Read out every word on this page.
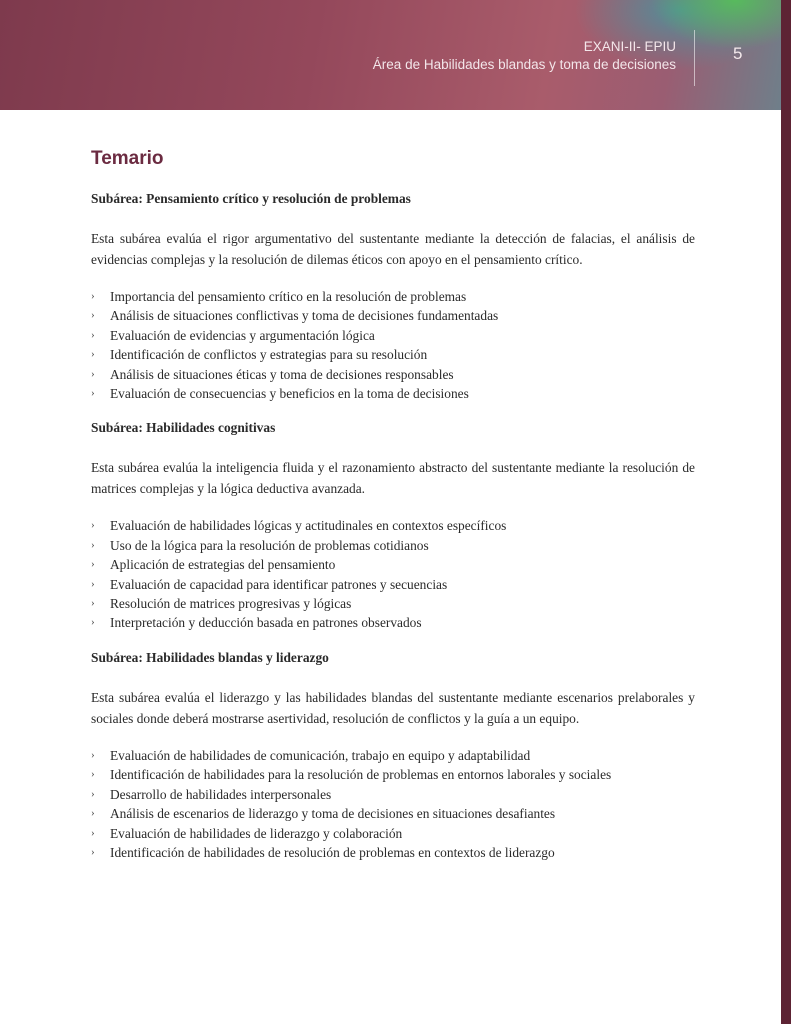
EXANI-II- EPIU
Área de Habilidades blandas y toma de decisiones
5
Temario
Subárea: Pensamiento crítico y resolución de problemas

Esta subárea evalúa el rigor argumentativo del sustentante mediante la detección de falacias, el análisis de evidencias complejas y la resolución de dilemas éticos con apoyo en el pensamiento crítico.

› Importancia del pensamiento crítico en la resolución de problemas
› Análisis de situaciones conflictivas y toma de decisiones fundamentadas
› Evaluación de evidencias y argumentación lógica
› Identificación de conflictos y estrategias para su resolución
› Análisis de situaciones éticas y toma de decisiones responsables
› Evaluación de consecuencias y beneficios en la toma de decisiones
Subárea: Habilidades cognitivas

Esta subárea evalúa la inteligencia fluida y el razonamiento abstracto del sustentante mediante la resolución de matrices complejas y la lógica deductiva avanzada.

› Evaluación de habilidades lógicas y actitudinales en contextos específicos
› Uso de la lógica para la resolución de problemas cotidianos
› Aplicación de estrategias del pensamiento
› Evaluación de capacidad para identificar patrones y secuencias
› Resolución de matrices progresivas y lógicas
› Interpretación y deducción basada en patrones observados
Subárea: Habilidades blandas y liderazgo

Esta subárea evalúa el liderazgo y las habilidades blandas del sustentante mediante escenarios prelaborales y sociales donde deberá mostrarse asertividad, resolución de conflictos y la guía a un equipo.

› Evaluación de habilidades de comunicación, trabajo en equipo y adaptabilidad
› Identificación de habilidades para la resolución de problemas en entornos laborales y sociales
› Desarrollo de habilidades interpersonales
› Análisis de escenarios de liderazgo y toma de decisiones en situaciones desafiantes
› Evaluación de habilidades de liderazgo y colaboración
› Identificación de habilidades de resolución de problemas en contextos de liderazgo
